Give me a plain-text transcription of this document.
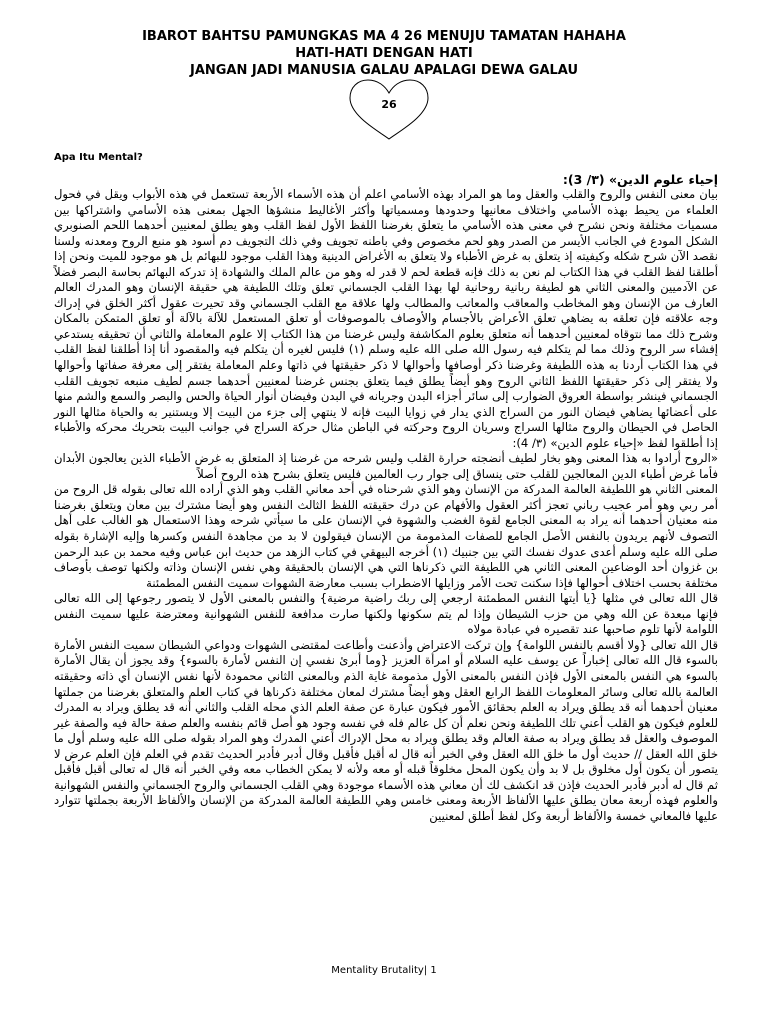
IBAROT BAHTSU PAMUNGKAS MA 4 26 MENUJU TAMATAN HAHAHA
HATI-HATI DENGAN HATI
JANGAN JADI MANUSIA GALAU APALAGI DEWA GALAU
26
Apa Itu Mental?

إحياء علوم الدين» (٣/ 3):

بيان معنى النفس والروح والقلب والعقل وما هو المراد بهذه الأسامي اعلم أن هذه الأسماء الأربعة تستعمل في هذه الأبواب ويقل في فحول العلماء من يحيط بهذه الأسامي واختلاف معانيها وحدودها ومسمياتها وأكثر الأغاليط منشؤها الجهل بمعنى هذه الأسامي واشتراكها بين مسميات مختلفة ونحن نشرح في معنى هذه الأسامي ما يتعلق بغرضنا اللفظ الأول لفظ القلب وهو يطلق لمعنيين أحدهما اللحم الصنوبري الشكل المودع في الجانب الأيسر من الصدر وهو لحم مخصوص وفي باطنه تجويف وفي ذلك التجويف دم أسود هو منبع الروح ومعدنه ولسنا نقصد الآن شرح شكله وكيفيته إذ يتعلق به غرض الأطباء ولا يتعلق به الأغراض الدينية وهذا القلب موجود للبهائم بل هو موجود للميت ونحن إذا أطلقنا لفظ القلب في هذا الكتاب لم نعن به ذلك فإنه قطعة لحم لا قدر له وهو من عالم الملك والشهادة إذ تدركه البهائم بحاسة البصر فضلاً عن الآدميين والمعنى الثاني هو لطيفة ربانية روحانية لها بهذا القلب الجسماني تعلق وتلك اللطيفة هي حقيقة الإنسان وهو المدرك العالم العارف من الإنسان وهو المخاطب والمعاقب والمعاتب والمطالب ولها علاقة مع القلب الجسماني وقد تحيرت عقول أكثر الخلق في إدراك وجه علاقته فإن تعلقه به يضاهي تعلق الأعراض بالأجسام والأوصاف بالموصوفات أو تعلق المستعمل للآلة بالآلة أو تعلق المتمكن بالمكان وشرح ذلك مما نتوقاه لمعنيين أحدهما أنه متعلق بعلوم المكاشفة وليس غرضنا من هذا الكتاب إلا علوم المعاملة والثاني أن تحقيقه يستدعي إفشاء سر الروح وذلك مما لم يتكلم فيه رسول الله صلى الله عليه وسلم (١) فليس لغيره أن يتكلم فيه والمقصود أنا إذا أطلقنا لفظ القلب في هذا الكتاب أردنا به هذه اللطيفة وغرضنا ذكر أوصافها وأحوالها لا ذكر حقيقتها في ذاتها وعلم المعاملة يفتقر إلى معرفة صفاتها وأحوالها ولا يفتقر إلى ذكر حقيقتها اللفظ الثاني الروح وهو أيضاً يطلق فيما يتعلق بجنس غرضنا لمعنيين أحدهما جسم لطيف منبعه تجويف القلب الجسماني فينشر بواسطة العروق الضوارب إلى سائر أجزاء البدن وجريانه في البدن وفيضان أنوار الحياة والحس والبصر والسمع والشم منها على أعضائها يضاهي فيضان النور من السراج الذي يدار في زوايا البيت فإنه لا ينتهي إلى جزء من البيت إلا ويستنير به والحياة مثالها النور الحاصل في الحيطان والروح مثالها السراج وسريان الروح وحركته في الباطن مثال حركة السراج في جوانب البيت بتحريك محركه والأطباء إذا أطلقوا لفظ «إحياء علوم الدين» (٣/ 4):

«الروح أرادوا به هذا المعنى وهو بخار لطيف أنضجته حرارة القلب وليس شرحه من غرضنا إذ المتعلق به غرض الأطباء الذين يعالجون الأبدان فأما غرض أطباء الدين المعالجين للقلب حتى ينساق إلى جوار رب العالمين فليس يتعلق بشرح هذه الروح أصلاً

المعنى الثاني هو اللطيفة العالمة المدركة من الإنسان وهو الذي شرحناه في أحد معاني القلب وهو الذي أراده الله تعالى بقوله قل الروح من أمر ربي وهو أمر عجيب رباني تعجز أكثر العقول والأفهام عن درك حقيقته اللفظ الثالث النفس وهو أيضا مشترك بين معان ويتعلق بغرضنا منه معنيان أحدهما أنه يراد به المعنى الجامع لقوة الغضب والشهوة في الإنسان على ما سيأتي شرحه وهذا الاستعمال هو الغالب على أهل التصوف لأنهم يريدون بالنفس الأصل الجامع للصفات المذمومة من الإنسان فيقولون لا بد من مجاهدة النفس وكسرها وإليه الإشارة بقوله صلى الله عليه وسلم أعدى عدوك نفسك التي بين جنبيك (١) أخرجه البيهقي في كتاب الزهد من حديث ابن عباس وفيه محمد بن عبد الرحمن بن غزوان أحد الوضاعين المعنى الثاني هي اللطيفة التي ذكرناها التي هي الإنسان بالحقيقة وهي نفس الإنسان وذاته ولكنها توصف بأوصاف مختلفة بحسب اختلاف أحوالها فإذا سكنت تحت الأمر وزايلها الاضطراب بسبب معارضة الشهوات سميت النفس المطمئنة

قال الله تعالى في مثلها {يا أيتها النفس المطمئنة ارجعي إلى ربك راضية مرضية} والنفس بالمعنى الأول لا يتصور رجوعها إلى الله تعالى فإنها مبعدة عن الله وهي من حزب الشيطان وإذا لم يتم سكونها ولكنها صارت مدافعة للنفس الشهوانية ومعترضة عليها سميت النفس اللوامة لأنها تلوم صاحبها عند تقصيره في عبادة مولاه

قال الله تعالى {ولا أقسم بالنفس اللوامة} وإن تركت الاعتراض وأذعنت وأطاعت لمقتضى الشهوات ودواعي الشيطان سميت النفس الأمارة بالسوء قال الله تعالى إخباراً عن يوسف عليه السلام أو امرأة العزيز {وما أبرئ نفسي إن النفس لأمارة بالسوء} وقد يجوز أن يقال الأمارة بالسوء هي النفس بالمعنى الأول فإذن النفس بالمعنى الأول مذمومة غاية الذم وبالمعنى الثاني محمودة لأنها نفس الإنسان أي ذاته وحقيقته العالمة بالله تعالى وسائر المعلومات اللفظ الرابع العقل وهو أيضاً مشترك لمعان مختلفة ذكرناها في كتاب العلم والمتعلق بغرضنا من جملتها معنيان أحدهما أنه قد يطلق ويراد به العلم بحقائق الأمور فيكون عبارة عن صفة العلم الذي محله القلب والثاني أنه قد يطلق ويراد به المدرك للعلوم فيكون هو القلب أعني تلك اللطيفة ونحن نعلم أن كل عالم فله في نفسه وجود هو أصل قائم بنفسه والعلم صفة حالة فيه والصفة غير الموصوف والعقل قد يطلق ويراد به صفة العالم وقد يطلق ويراد به محل الإدراك أعني المدرك وهو المراد بقوله صلى الله عليه وسلم أول ما خلق الله العقل // حديث أول ما خلق الله العقل وفي الخبر أنه قال له أقبل فأقبل وقال أدبر فأدبر الحديث تقدم في العلم فإن العلم عرض لا يتصور أن يكون أول مخلوق بل لا بد وأن يكون المحل مخلوقاً قبله أو معه ولأنه لا يمكن الخطاب معه وفي الخبر أنه قال له تعالى أقبل فأقبل ثم قال له أدبر فأدبر الحديث فإذن قد انكشف لك أن معاني هذه الأسماء موجودة وهي القلب الجسماني والروح الجسماني والنفس الشهوانية والعلوم فهذه أربعة معان يطلق عليها الألفاظ الأربعة ومعنى خامس وهي اللطيفة العالمة المدركة من الإنسان والألفاظ الأربعة بجملتها تتوارد عليها فالمعاني خمسة والألفاظ أربعة وكل لفظ أطلق لمعنيين

Mentality Brutality| 1
